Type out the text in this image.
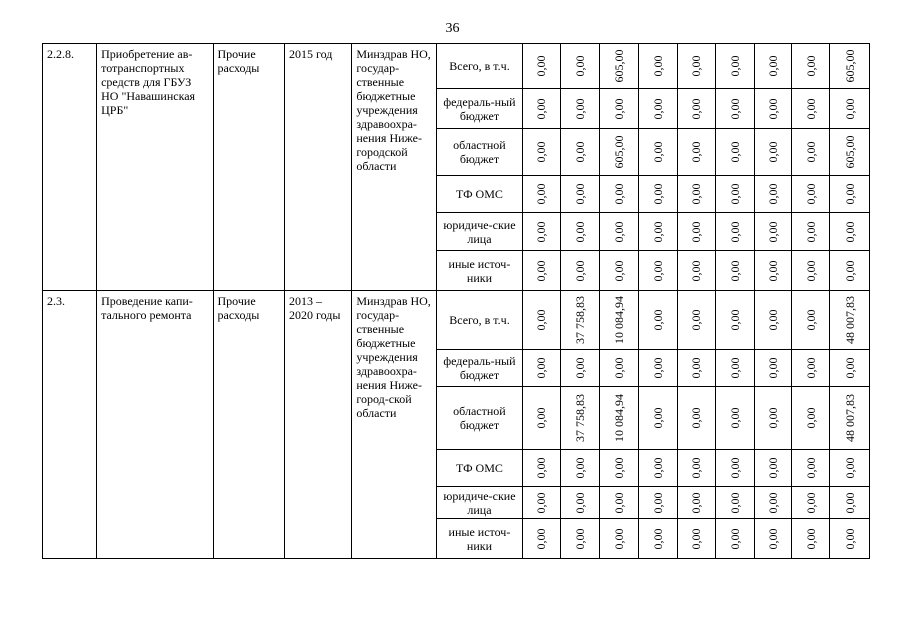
36
2.2.8.	Приобретение ав-тотранспортных средств для ГБУЗ НО "Навашинская ЦРБ"	Прочие расходы	2015 год	Минздрав НО, государ-ственные бюджетные учреждения здравоохра-нения Ниже-городской области	Всего, в т.ч.	0,00	0,00	605,00	0,00	0,00	0,00	0,00	0,00	605,00

					федераль-ный бюджет	0,00	0,00	0,00	0,00	0,00	0,00	0,00	0,00	0,00

					областной бюджет	0,00	0,00	605,00	0,00	0,00	0,00	0,00	0,00	605,00

					ТФ ОМС	0,00	0,00	0,00	0,00	0,00	0,00	0,00	0,00	0,00

					юридиче-ские лица	0,00	0,00	0,00	0,00	0,00	0,00	0,00	0,00	0,00

					иные источ-ники	0,00	0,00	0,00	0,00	0,00	0,00	0,00	0,00	0,00

2.3.	Проведение капи-тального ремонта	Прочие расходы	2013 – 2020 годы	Минздрав НО, государ-ственные бюджетные учреждения здравоохра-нения Ниже-город-ской области	Всего, в т.ч.	0,00	37 758,83	10 084,94	0,00	0,00	0,00	0,00	0,00	48 007,83

					федераль-ный бюджет	0,00	0,00	0,00	0,00	0,00	0,00	0,00	0,00	0,00

					областной бюджет	0,00	37 758,83	10 084,94	0,00	0,00	0,00	0,00	0,00	48 007,83

					ТФ ОМС	0,00	0,00	0,00	0,00	0,00	0,00	0,00	0,00	0,00

					юридиче-ские лица	0,00	0,00	0,00	0,00	0,00	0,00	0,00	0,00	0,00

					иные источ-ники	0,00	0,00	0,00	0,00	0,00	0,00	0,00	0,00	0,00
